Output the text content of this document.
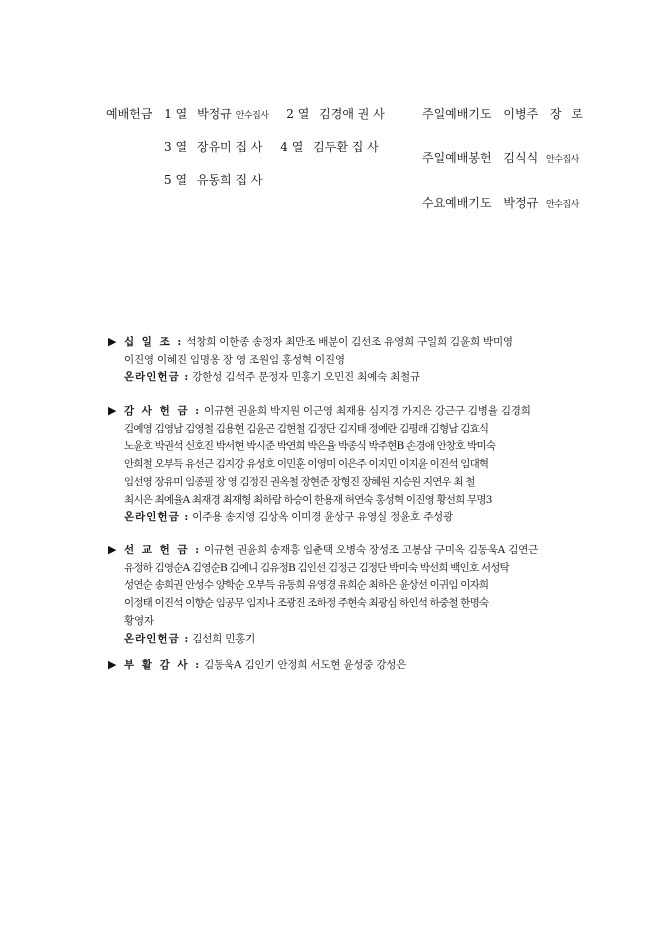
예배헌금 1 열 박정규 안수집사 2 열 김경애 권 사
3 열 장유미 집 사 4 열 김두환 집 사
5 열 유동희 집 사
주일예배기도 이병주 장 로
주일예배봉헌 김식식 안수집사
수요예배기도 박정규 안수집사
▶ 십 일 조 : 석창희 이한종 송정자 최만조 배분이 김선조 유영희 구일희 김윤희 박미영
이진영 이혜진 임명옹 장 영 조원임 홍성혁 이진영
온라인헌금 : 강한성 김석주 문정자 민홍기 오민진 최예숙 최철규
▶ 감 사 헌 금 : 이규현 권윤희 박지원 이근영 최재용 심지경 가지은 강근구 김병율 김경희
김예영 김영남 김영철 김용현 김윤곤 김현철 김정단 김지태 정예란 김평래 김형남 김효식
노윤호 박권석 신호진 박서현 박시준 박연희 박은율 박종식 박주현B 손경애 안창호 박미숙
안희철 오부득 유선근 김지강 유성호 이민훈 이영미 이은주 이지민 이지윤 이진석 임대혁
임선영 장유미 임종필 장 영 김정진 권옥철 장현준 장형진 장혜원 지승원 지연우 최 철
최시은 최예율A 최재경 최재형 최하람 하승이 한용재 허연숙 홍성혁 이진영 황선희 무명3
온라인헌금 : 이주용 송지영 김상옥 이미경 윤상구 유영실 정윤호 주성광
▶ 선 교 헌 금 : 이규현 권윤희 송재흥 임춘택 오병숙 장성조 고봉삼 구미옥 김동욱A 김연근
유정하 김영순A 김영순B 김예니 김유정B 김인선 김정근 김정단 박미숙 박선희 백인호 서성탁
성연순 송희권 안성수 양학순 오부득 유동희 유영경 유희순 최하은 윤상선 이귀임 이자희
이정태 이진석 이향순 임공무 임지나 조광진 조하정 주현숙 최광심 하인석 하중철 한명숙
황영자
온라인헌금 : 김선희 민홍기
▶ 부 활 감 사 : 김동욱A 김인기 안정희 서도현 윤성중 강성은
